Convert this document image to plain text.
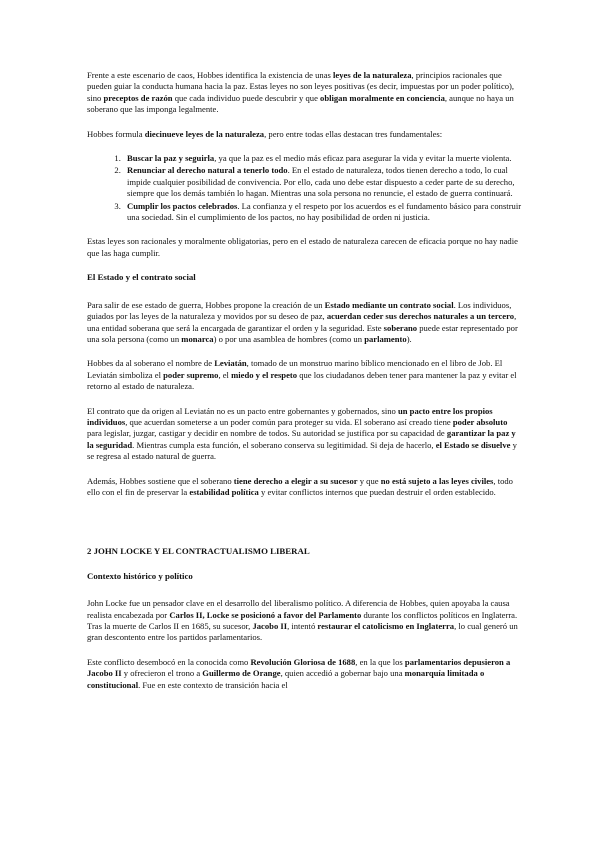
Frente a este escenario de caos, Hobbes identifica la existencia de unas leyes de la naturaleza, principios racionales que pueden guiar la conducta humana hacia la paz. Estas leyes no son leyes positivas (es decir, impuestas por un poder político), sino preceptos de razón que cada individuo puede descubrir y que obligan moralmente en conciencia, aunque no haya un soberano que las imponga legalmente.

Hobbes formula diecinueve leyes de la naturaleza, pero entre todas ellas destacan tres fundamentales:

1. Buscar la paz y seguirla, ya que la paz es el medio más eficaz para asegurar la vida y evitar la muerte violenta.
2. Renunciar al derecho natural a tenerlo todo. En el estado de naturaleza, todos tienen derecho a todo, lo cual impide cualquier posibilidad de convivencia. Por ello, cada uno debe estar dispuesto a ceder parte de su derecho, siempre que los demás también lo hagan. Mientras una sola persona no renuncie, el estado de guerra continuará.
3. Cumplir los pactos celebrados. La confianza y el respeto por los acuerdos es el fundamento básico para construir una sociedad. Sin el cumplimiento de los pactos, no hay posibilidad de orden ni justicia.

Estas leyes son racionales y moralmente obligatorias, pero en el estado de naturaleza carecen de eficacia porque no hay nadie que las haga cumplir.

El Estado y el contrato social

Para salir de ese estado de guerra, Hobbes propone la creación de un Estado mediante un contrato social. Los individuos, guiados por las leyes de la naturaleza y movidos por su deseo de paz, acuerdan ceder sus derechos naturales a un tercero, una entidad soberana que será la encargada de garantizar el orden y la seguridad. Este soberano puede estar representado por una sola persona (como un monarca) o por una asamblea de hombres (como un parlamento).

Hobbes da al soberano el nombre de Leviatán, tomado de un monstruo marino bíblico mencionado en el libro de Job. El Leviatán simboliza el poder supremo, el miedo y el respeto que los ciudadanos deben tener para mantener la paz y evitar el retorno al estado de naturaleza.

El contrato que da origen al Leviatán no es un pacto entre gobernantes y gobernados, sino un pacto entre los propios individuos, que acuerdan someterse a un poder común para proteger su vida. El soberano así creado tiene poder absoluto para legislar, juzgar, castigar y decidir en nombre de todos. Su autoridad se justifica por su capacidad de garantizar la paz y la seguridad. Mientras cumpla esta función, el soberano conserva su legitimidad. Si deja de hacerlo, el Estado se disuelve y se regresa al estado natural de guerra.

Además, Hobbes sostiene que el soberano tiene derecho a elegir a su sucesor y que no está sujeto a las leyes civiles, todo ello con el fin de preservar la estabilidad política y evitar conflictos internos que puedan destruir el orden establecido.

2 JOHN LOCKE Y EL CONTRACTUALISMO LIBERAL
Contexto histórico y político

John Locke fue un pensador clave en el desarrollo del liberalismo político. A diferencia de Hobbes, quien apoyaba la causa realista encabezada por Carlos II, Locke se posicionó a favor del Parlamento durante los conflictos políticos en Inglaterra. Tras la muerte de Carlos II en 1685, su sucesor, Jacobo II, intentó restaurar el catolicismo en Inglaterra, lo cual generó un gran descontento entre los partidos parlamentarios.

Este conflicto desembocó en la conocida como Revolución Gloriosa de 1688, en la que los parlamentarios depusieron a Jacobo II y ofrecieron el trono a Guillermo de Orange, quien accedió a gobernar bajo una monarquía limitada o constitucional. Fue en este contexto de transición hacia el
